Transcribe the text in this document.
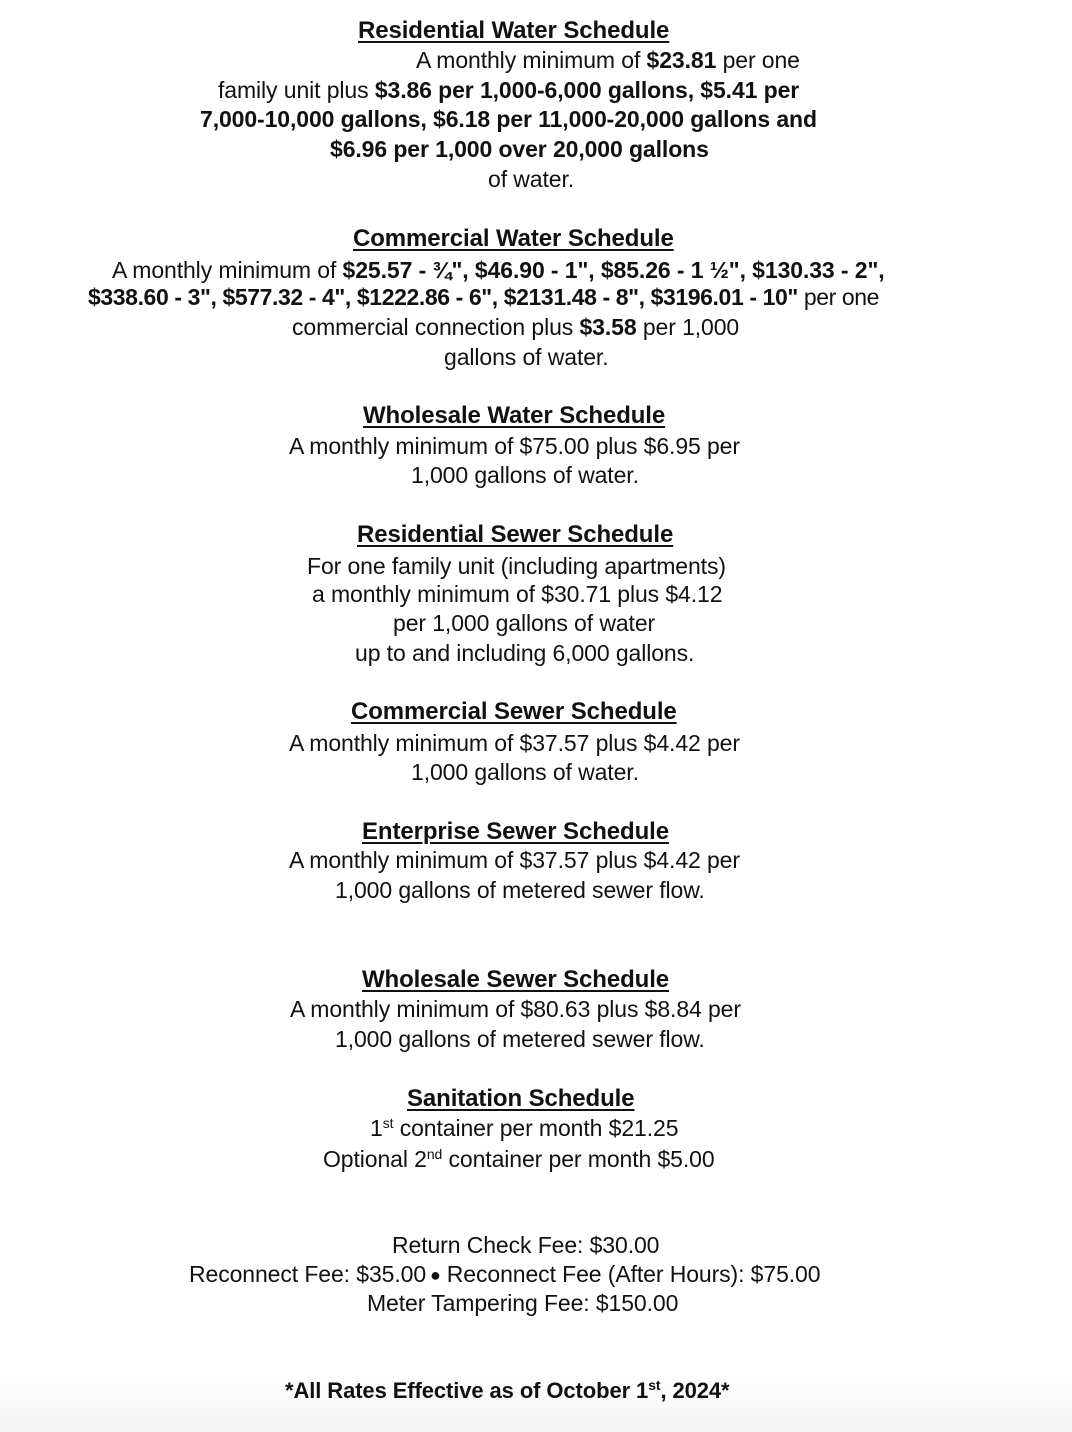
Residential Water Schedule
A monthly minimum of $23.81 per one
family unit plus $3.86 per 1,000-6,000 gallons, $5.41 per
7,000-10,000 gallons, $6.18 per 11,000-20,000 gallons and
$6.96 per 1,000 over 20,000 gallons
of water.
Commercial Water Schedule
A monthly minimum of $25.57 - ¾", $46.90 - 1", $85.26 - 1 ½", $130.33 - 2",
$338.60 - 3", $577.32 - 4", $1222.86 - 6", $2131.48 - 8", $3196.01 - 10" per one
commercial connection plus $3.58 per 1,000
gallons of water.
Wholesale Water Schedule
A monthly minimum of $75.00 plus $6.95 per
1,000 gallons of water.
Residential Sewer Schedule
For one family unit (including apartments)
a monthly minimum of $30.71 plus $4.12
per 1,000 gallons of water
up to and including 6,000 gallons.
Commercial Sewer Schedule
A monthly minimum of $37.57 plus $4.42 per
1,000 gallons of water.
Enterprise Sewer Schedule
A monthly minimum of $37.57 plus $4.42 per
1,000 gallons of metered sewer flow.
Wholesale Sewer Schedule
A monthly minimum of $80.63 plus $8.84 per
1,000 gallons of metered sewer flow.
Sanitation Schedule
1st container per month $21.25
Optional 2nd container per month $5.00
Return Check Fee: $30.00
Reconnect Fee: $35.00 ● Reconnect Fee (After Hours): $75.00
Meter Tampering Fee: $150.00
*All Rates Effective as of October 1st, 2024*
